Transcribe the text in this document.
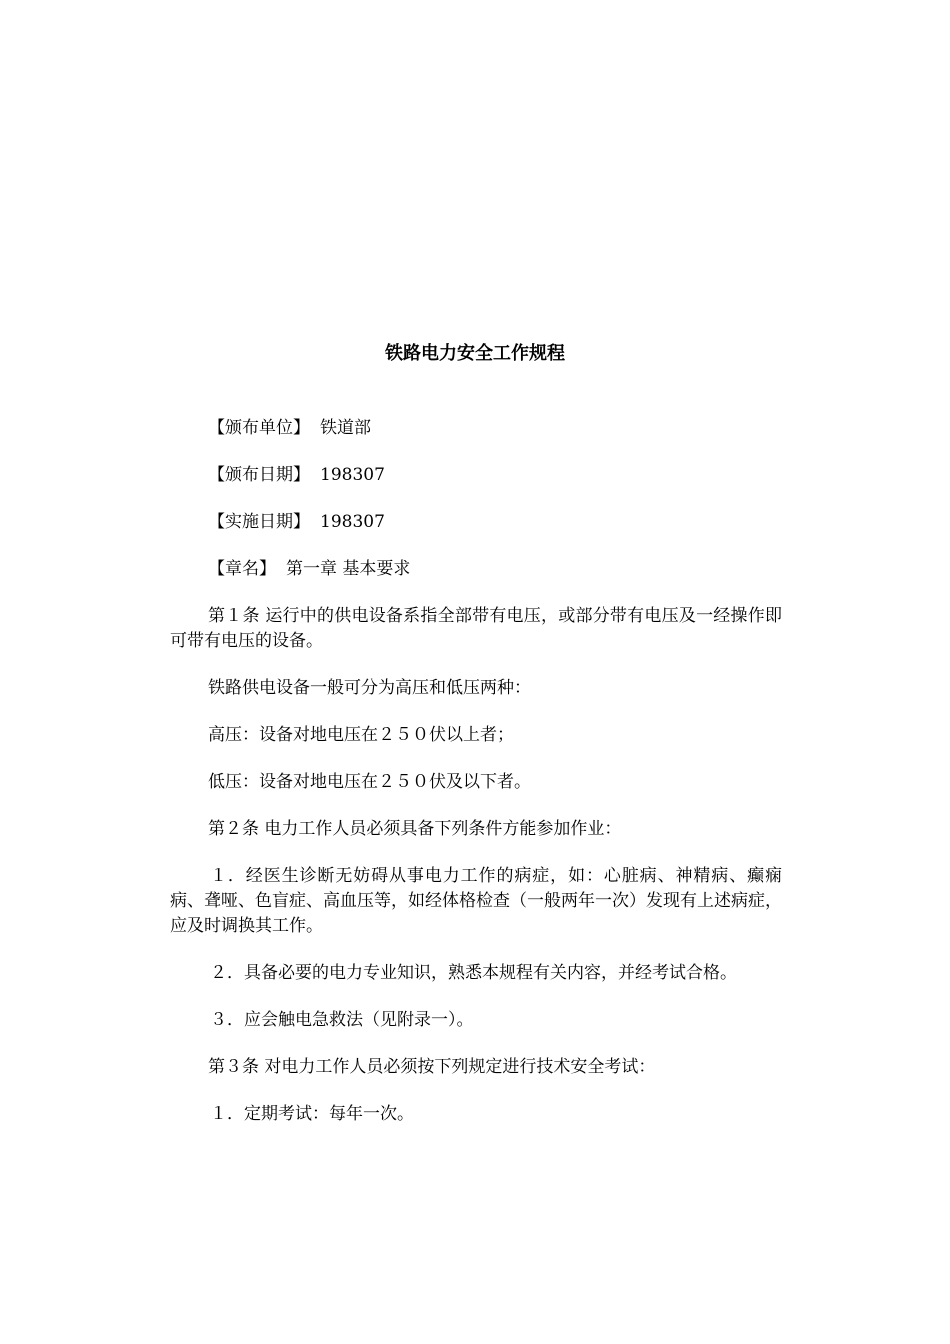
铁路电力安全工作规程
【颁布单位】 铁道部
【颁布日期】 198307
【实施日期】 198307
【章名】 第一章 基本要求

第１条 运行中的供电设备系指全部带有电压，或部分带有电压及一经操作即可带有电压的设备。

铁路供电设备一般可分为高压和低压两种：

高压：设备对地电压在２５０伏以上者；

低压：设备对地电压在２５０伏及以下者。

第２条 电力工作人员必须具备下列条件方能参加作业：

１．经医生诊断无妨碍从事电力工作的病症，如：心脏病、神精病、癫痫病、聋哑、色盲症、高血压等，如经体格检查（一般两年一次）发现有上述病症，应及时调换其工作。

２．具备必要的电力专业知识，熟悉本规程有关内容，并经考试合格。

３．应会触电急救法（见附录一）。

第３条 对电力工作人员必须按下列规定进行技术安全考试：

１．定期考试：每年一次。
